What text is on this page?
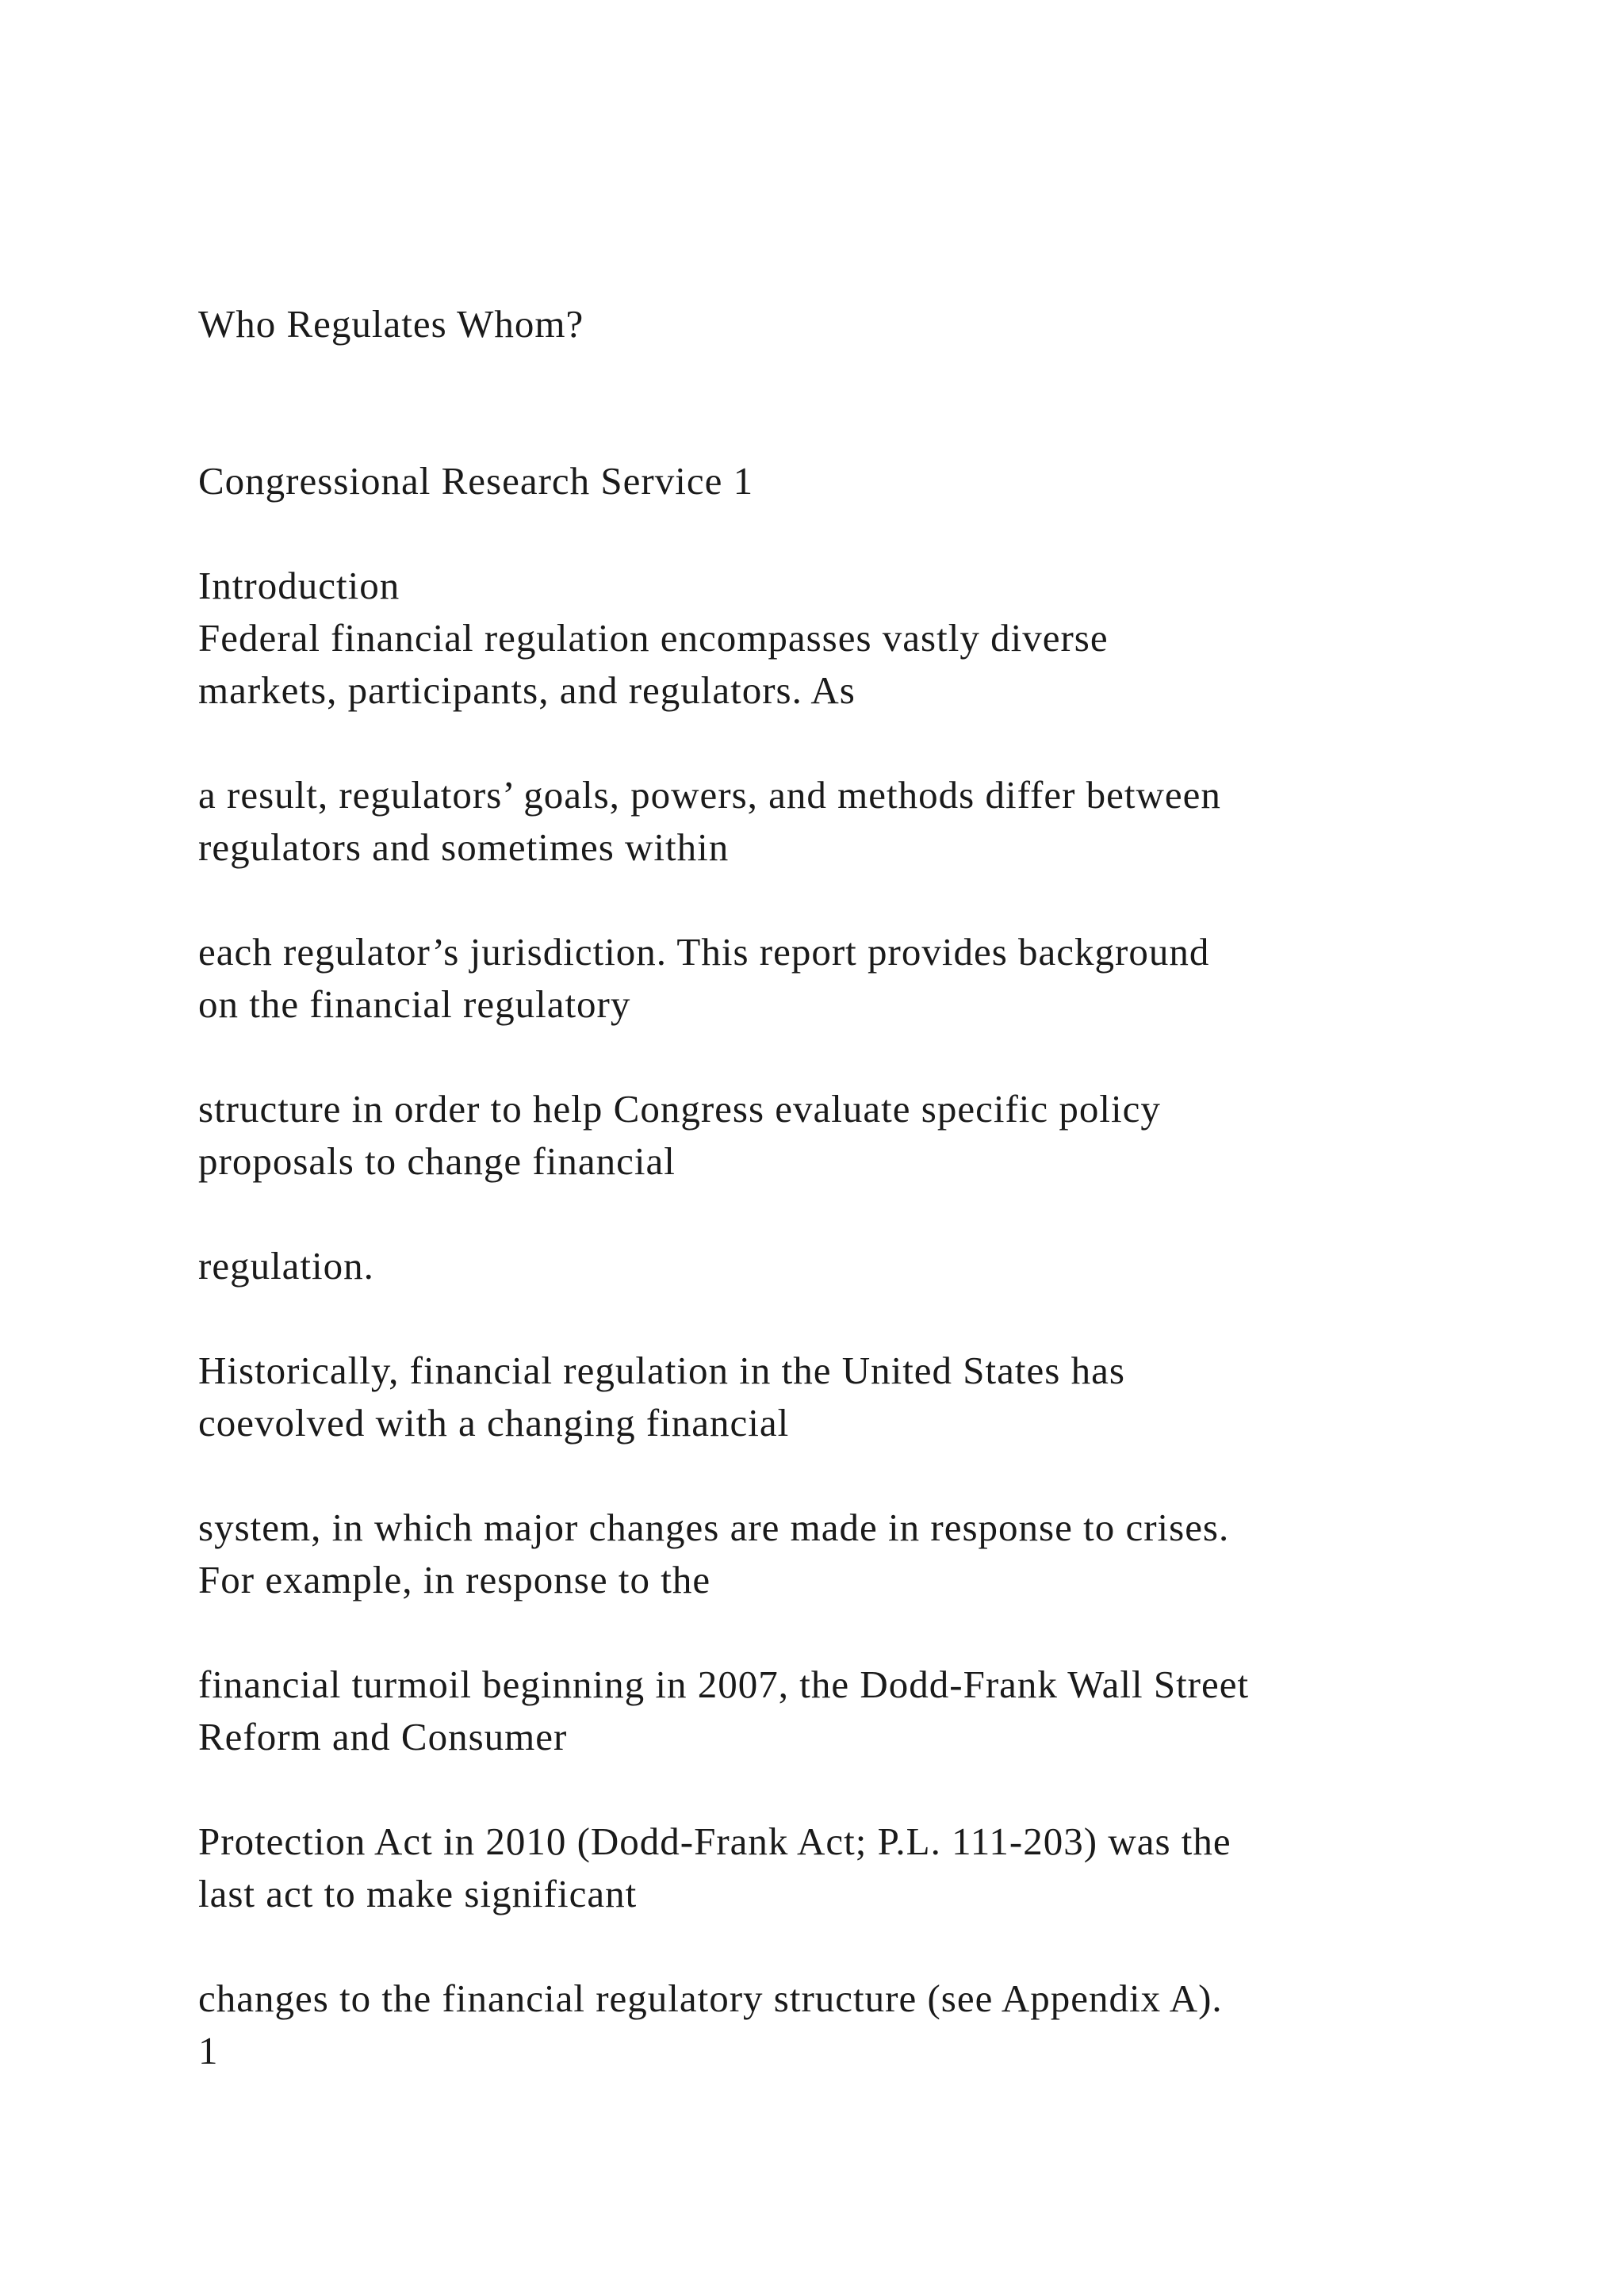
Who Regulates Whom?
Congressional Research Service 1
Introduction
Federal financial regulation encompasses vastly diverse
markets, participants, and regulators. As
a result, regulators’ goals, powers, and methods differ between
regulators and sometimes within
each regulator’s jurisdiction. This report provides background
on the financial regulatory
structure in order to help Congress evaluate specific policy
proposals to change financial
regulation.
Historically, financial regulation in the United States has
coevolved with a changing financial
system, in which major changes are made in response to crises.
For example, in response to the
financial turmoil beginning in 2007, the Dodd-Frank Wall Street
Reform and Consumer
Protection Act in 2010 (Dodd-Frank Act; P.L. 111-203) was the
last act to make significant
changes to the financial regulatory structure (see Appendix A).
1
